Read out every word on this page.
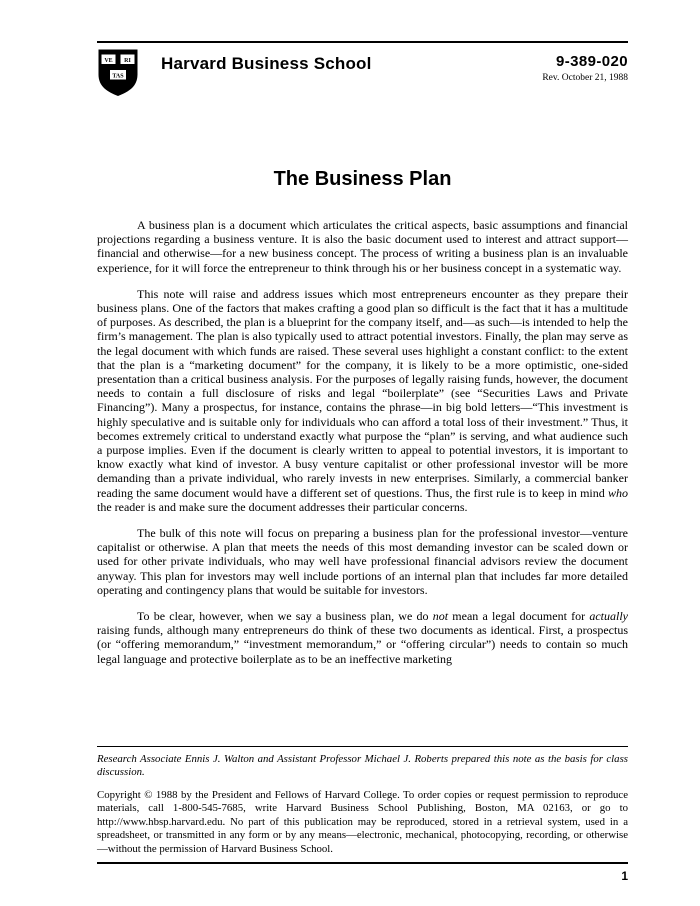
VE RI
TAS
Harvard Business School	9-389-020
Rev. October 21, 1988
The Business Plan

A business plan is a document which articulates the critical aspects, basic assumptions and financial projections regarding a business venture. It is also the basic document used to interest and attract support—financial and otherwise—for a new business concept. The process of writing a business plan is an invaluable experience, for it will force the entrepreneur to think through his or her business concept in a systematic way.

This note will raise and address issues which most entrepreneurs encounter as they prepare their business plans. One of the factors that makes crafting a good plan so difficult is the fact that it has a multitude of purposes. As described, the plan is a blueprint for the company itself, and—as such—is intended to help the firm’s management. The plan is also typically used to attract potential investors. Finally, the plan may serve as the legal document with which funds are raised. These several uses highlight a constant conflict: to the extent that the plan is a “marketing document” for the company, it is likely to be a more optimistic, one-sided presentation than a critical business analysis. For the purposes of legally raising funds, however, the document needs to contain a full disclosure of risks and legal “boilerplate” (see “Securities Laws and Private Financing”). Many a prospectus, for instance, contains the phrase—in big bold letters—“This investment is highly speculative and is suitable only for individuals who can afford a total loss of their investment.” Thus, it becomes extremely critical to understand exactly what purpose the “plan” is serving, and what audience such a purpose implies. Even if the document is clearly written to appeal to potential investors, it is important to know exactly what kind of investor. A busy venture capitalist or other professional investor will be more demanding than a private individual, who rarely invests in new enterprises. Similarly, a commercial banker reading the same document would have a different set of questions. Thus, the first rule is to keep in mind who the reader is and make sure the document addresses their particular concerns.

The bulk of this note will focus on preparing a business plan for the professional investor—venture capitalist or otherwise. A plan that meets the needs of this most demanding investor can be scaled down or used for other private individuals, who may well have professional financial advisors review the document anyway. This plan for investors may well include portions of an internal plan that includes far more detailed operating and contingency plans that would be suitable for investors.

To be clear, however, when we say a business plan, we do not mean a legal document for actually raising funds, although many entrepreneurs do think of these two documents as identical. First, a prospectus (or “offering memorandum,” “investment memorandum,” or “offering circular”) needs to contain so much legal language and protective boilerplate as to be an ineffective marketing

Research Associate Ennis J. Walton and Assistant Professor Michael J. Roberts prepared this note as the basis for class discussion.

Copyright © 1988 by the President and Fellows of Harvard College. To order copies or request permission to reproduce materials, call 1-800-545-7685, write Harvard Business School Publishing, Boston, MA 02163, or go to http://www.hbsp.harvard.edu. No part of this publication may be reproduced, stored in a retrieval system, used in a spreadsheet, or transmitted in any form or by any means—electronic, mechanical, photocopying, recording, or otherwise—without the permission of Harvard Business School.

1
